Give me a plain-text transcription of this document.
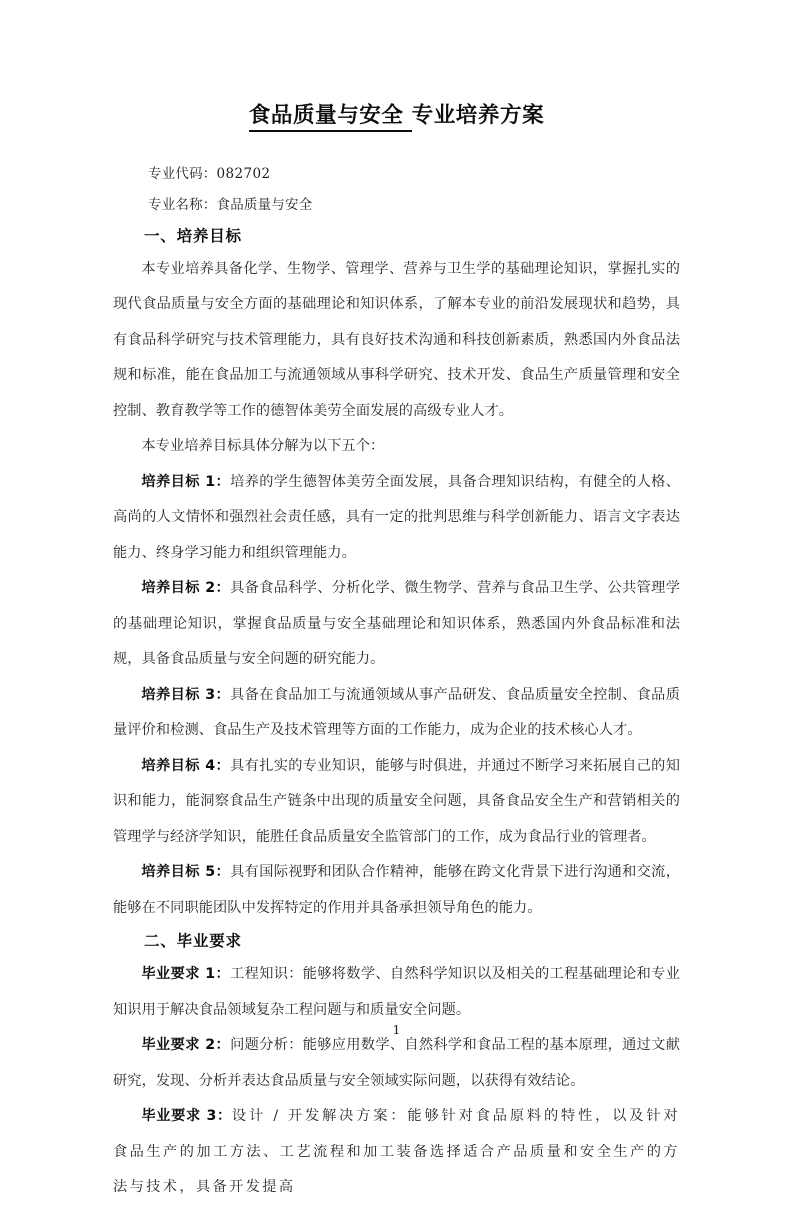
食品质量与安全 专业培养方案
专业代码：082702
专业名称：食品质量与安全
一、培养目标

本专业培养具备化学、生物学、管理学、营养与卫生学的基础理论知识，掌握扎实的现代食品质量与安全方面的基础理论和知识体系，了解本专业的前沿发展现状和趋势，具有食品科学研究与技术管理能力，具有良好技术沟通和科技创新素质，熟悉国内外食品法规和标准，能在食品加工与流通领域从事科学研究、技术开发、食品生产质量管理和安全控制、教育教学等工作的德智体美劳全面发展的高级专业人才。

本专业培养目标具体分解为以下五个：

培养目标 1：培养的学生德智体美劳全面发展，具备合理知识结构，有健全的人格、高尚的人文情怀和强烈社会责任感，具有一定的批判思维与科学创新能力、语言文字表达能力、终身学习能力和组织管理能力。

培养目标 2：具备食品科学、分析化学、微生物学、营养与食品卫生学、公共管理学的基础理论知识，掌握食品质量与安全基础理论和知识体系，熟悉国内外食品标准和法规，具备食品质量与安全问题的研究能力。

培养目标 3：具备在食品加工与流通领域从事产品研发、食品质量安全控制、食品质量评价和检测、食品生产及技术管理等方面的工作能力，成为企业的技术核心人才。

培养目标 4：具有扎实的专业知识，能够与时俱进，并通过不断学习来拓展自己的知识和能力，能洞察食品生产链条中出现的质量安全问题，具备食品安全生产和营销相关的管理学与经济学知识，能胜任食品质量安全监管部门的工作，成为食品行业的管理者。

培养目标 5：具有国际视野和团队合作精神，能够在跨文化背景下进行沟通和交流，能够在不同职能团队中发挥特定的作用并具备承担领导角色的能力。

二、毕业要求

毕业要求 1：工程知识：能够将数学、自然科学知识以及相关的工程基础理论和专业知识用于解决食品领域复杂工程问题与和质量安全问题。

毕业要求 2：问题分析：能够应用数学、自然科学和食品工程的基本原理，通过文献研究，发现、分析并表达食品质量与安全领域实际问题，以获得有效结论。

毕业要求 3：设计 / 开发解决方案：能够针对食品原料的特性，以及针对食品生产的加工方法、工艺流程和加工装备选择适合产品质量和安全生产的方法与技术，具备开发提高

1
